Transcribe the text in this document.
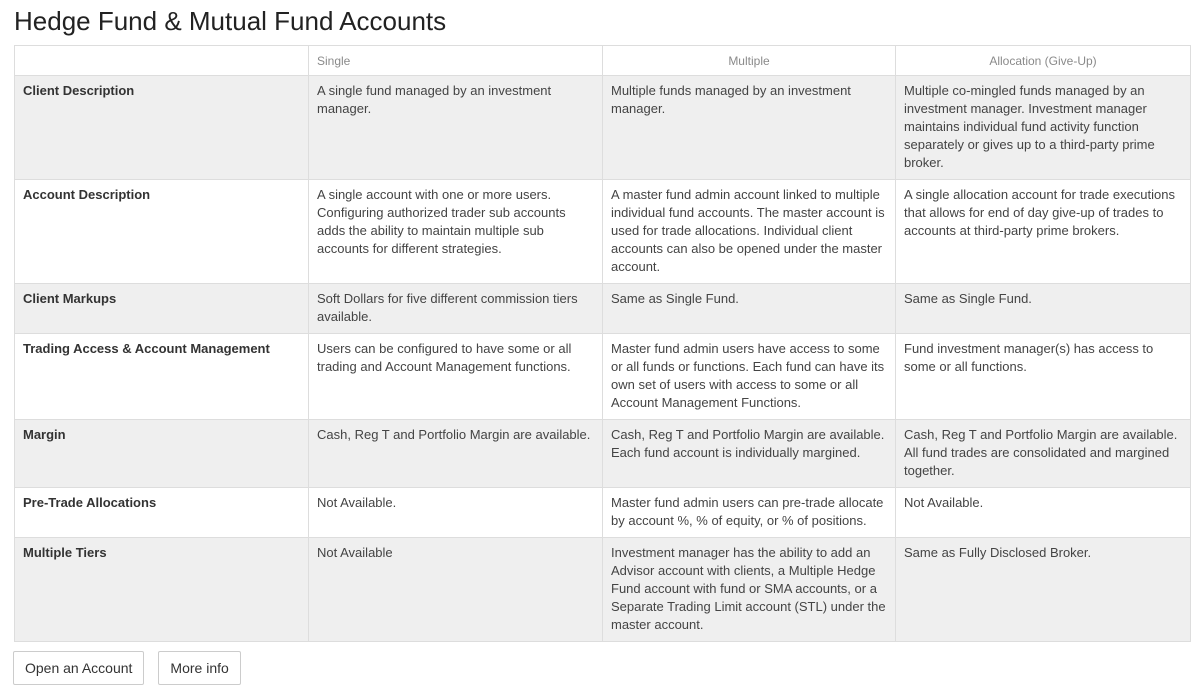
Hedge Fund & Mutual Fund Accounts
	Single	Multiple	Allocation (Give-Up)
Client Description	A single fund managed by an investment manager.	Multiple funds managed by an investment manager.	Multiple co-mingled funds managed by an investment manager. Investment manager maintains individual fund activity function separately or gives up to a third-party prime broker.
Account Description	A single account with one or more users. Configuring authorized trader sub accounts adds the ability to maintain multiple sub accounts for different strategies.	A master fund admin account linked to multiple individual fund accounts. The master account is used for trade allocations. Individual client accounts can also be opened under the master account.	A single allocation account for trade executions that allows for end of day give-up of trades to accounts at third-party prime brokers.
Client Markups	Soft Dollars for five different commission tiers available.	Same as Single Fund.	Same as Single Fund.
Trading Access & Account Management	Users can be configured to have some or all trading and Account Management functions.	Master fund admin users have access to some or all funds or functions. Each fund can have its own set of users with access to some or all Account Management Functions.	Fund investment manager(s) has access to some or all functions.
Margin	Cash, Reg T and Portfolio Margin are available.	Cash, Reg T and Portfolio Margin are available. Each fund account is individually margined.	Cash, Reg T and Portfolio Margin are available. All fund trades are consolidated and margined together.
Pre-Trade Allocations	Not Available.	Master fund admin users can pre-trade allocate by account %, % of equity, or % of positions.	Not Available.
Multiple Tiers	Not Available	Investment manager has the ability to add an Advisor account with clients, a Multiple Hedge Fund account with fund or SMA accounts, or a Separate Trading Limit account (STL) under the master account.	Same as Fully Disclosed Broker.
Open an Account	More info
